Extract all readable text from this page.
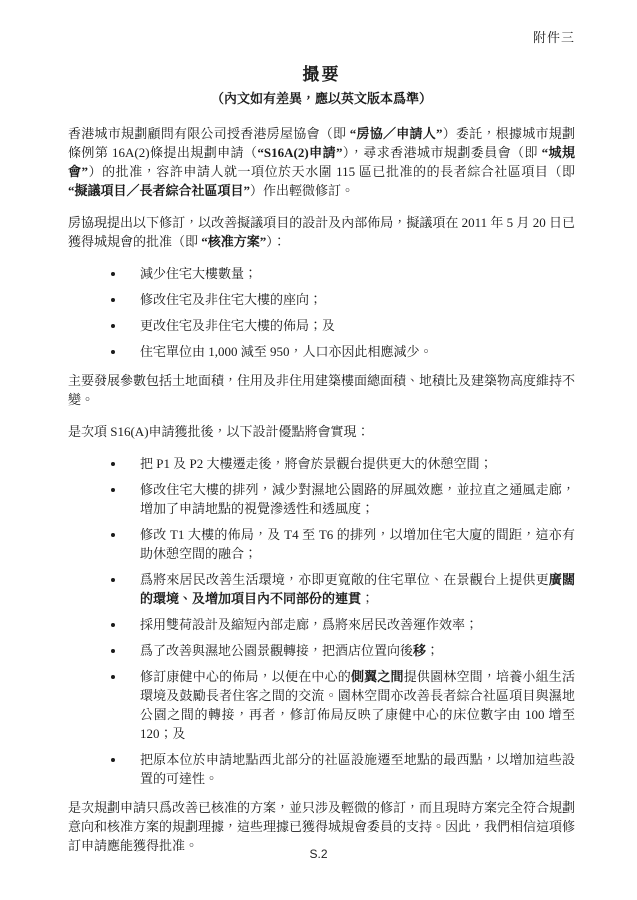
附件三
撮要
（內文如有差異，應以英文版本爲準）

香港城市規劃顧問有限公司授香港房屋協會（即 “房協／申請人”）委託，根據城市規劃條例第 16A(2)條提出規劃申請（“S16A(2)申請”），尋求香港城市規劃委員會（即 “城規會”）的批准，容許申請人就一項位於天水圍 115 區已批准的的長者綜合社區項目（即 “擬議項目／長者綜合社區項目”）作出輕微修訂。

房協現提出以下修訂，以改善擬議項目的設計及內部佈局，擬議項在 2011 年 5 月 20 日已獲得城規會的批准（即 “核准方案”）：

• 減少住宅大樓數量；
• 修改住宅及非住宅大樓的座向；
• 更改住宅及非住宅大樓的佈局；及
• 住宅單位由 1,000 減至 950，人口亦因此相應減少。

主要發展參數包括土地面積，住用及非住用建築樓面總面積、地積比及建築物高度維持不變。

是次項 S16(A)申請獲批後，以下設計優點將會實現：

• 把 P1 及 P2 大樓遷走後，將會於景觀台提供更大的休憩空間；
• 修改住宅大樓的排列，減少對濕地公園路的屏風效應，並拉直之通風走廊，增加了申請地點的視覺滲透性和透風度；
• 修改 T1 大樓的佈局，及 T4 至 T6 的排列，以增加住宅大廈的間距，這亦有助休憩空間的融合；
• 爲將來居民改善生活環境，亦即更寬敞的住宅單位、在景觀台上提供更廣闊的環境、及增加項目內不同部份的連貫；
• 採用雙荷設計及縮短內部走廊，爲將來居民改善運作效率；
• 爲了改善與濕地公園景觀轉接，把酒店位置向後移；
• 修訂康健中心的佈局，以便在中心的側翼之間提供園林空間，培養小組生活環境及鼓勵長者住客之間的交流。園林空間亦改善長者綜合社區項目與濕地公園之間的轉接，再者，修訂佈局反映了康健中心的床位數字由 100 增至 120；及
• 把原本位於申請地點西北部分的社區設施遷至地點的最西點，以增加這些設置的可達性。

是次規劃申請只爲改善已核准的方案，並只涉及輕微的修訂，而且現時方案完全符合規劃意向和核准方案的規劃理據，這些理據已獲得城規會委員的支持。因此，我們相信這項修訂申請應能獲得批准。

S.2
